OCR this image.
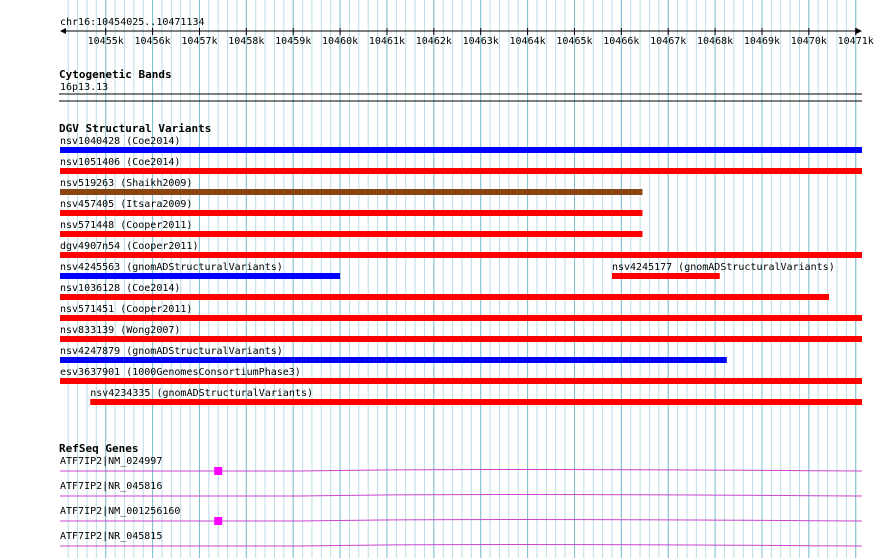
chr16:10454025..10471134
10455k 10456k 10457k 10458k 10459k 10460k 10461k 10462k 10463k 10464k 10465k 10466k 10467k 10468k 10469k 10470k 10471k
Cytogenetic Bands
16p13.13
DGV Structural Variants
nsv1040428 (Coe2014)
nsv1051406 (Coe2014)
nsv519263 (Shaikh2009)
nsv457405 (Itsara2009)
nsv571448 (Cooper2011)
dgv4907n54 (Cooper2011)
nsv4245563 (gnomADStructuralVariants)	nsv4245177 (gnomADStructuralVariants)
nsv1036128 (Coe2014)
nsv571451 (Cooper2011)
nsv833139 (Wong2007)
nsv4247879 (gnomADStructuralVariants)
esv3637901 (1000GenomesConsortiumPhase3)
nsv4234335 (gnomADStructuralVariants)
RefSeq Genes
ATF7IP2|NM_024997
ATF7IP2|NR_045816
ATF7IP2|NM_001256160
ATF7IP2|NR_045815
